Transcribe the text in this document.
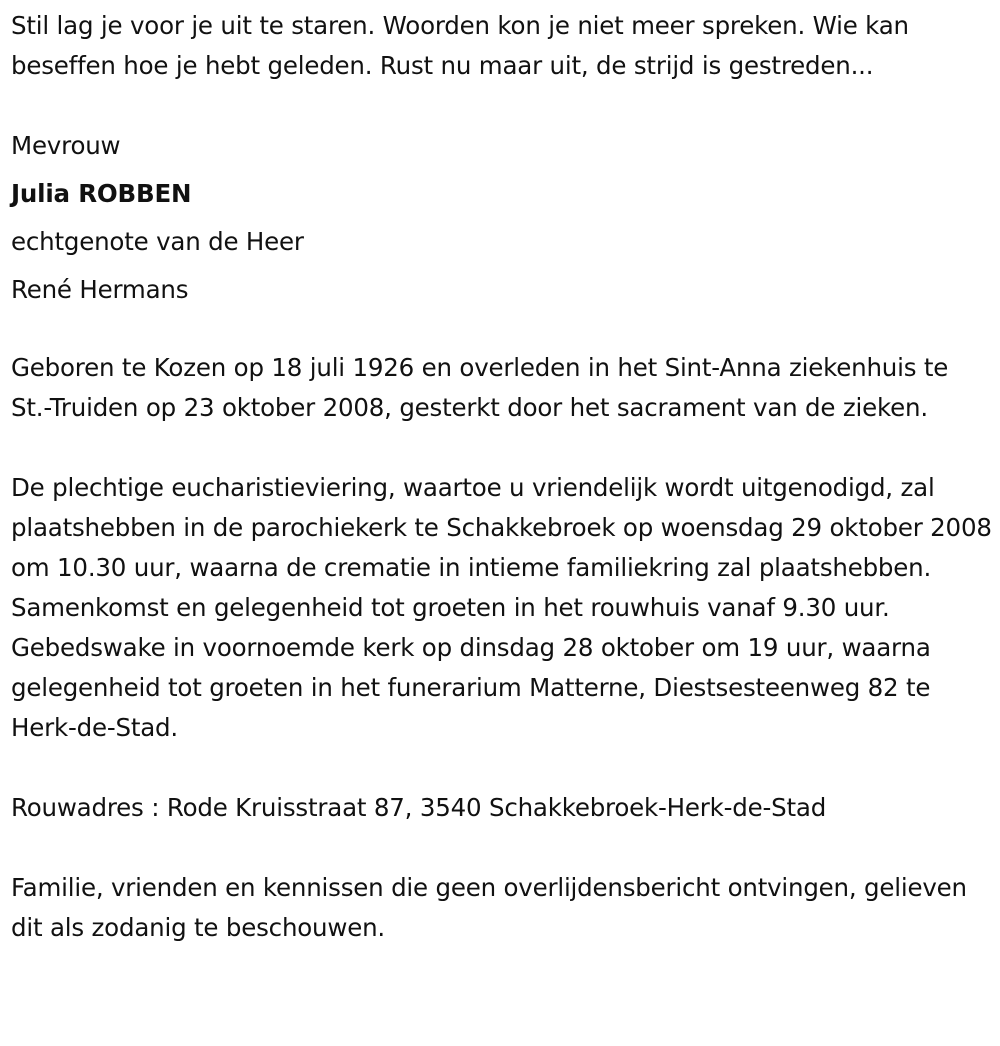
Stil lag je voor je uit te staren. Woorden kon je niet meer spreken. Wie kan beseffen hoe je hebt geleden. Rust nu maar uit, de strijd is gestreden...

Mevrouw

Julia ROBBEN

echtgenote van de Heer

René Hermans

Geboren te Kozen op 18 juli 1926 en overleden in het Sint-Anna ziekenhuis te St.-Truiden op 23 oktober 2008, gesterkt door het sacrament van de zieken.

De plechtige eucharistieviering, waartoe u vriendelijk wordt uitgenodigd, zal plaatshebben in de parochiekerk te Schakkebroek op woensdag 29 oktober 2008 om 10.30 uur, waarna de crematie in intieme familiekring zal plaatshebben. Samenkomst en gelegenheid tot groeten in het rouwhuis vanaf 9.30 uur. Gebedswake in voornoemde kerk op dinsdag 28 oktober om 19 uur, waarna gelegenheid tot groeten in het funerarium Matterne, Diestsesteenweg 82 te Herk-de-Stad.

Rouwadres : Rode Kruisstraat 87, 3540 Schakkebroek-Herk-de-Stad

Familie, vrienden en kennissen die geen overlijdensbericht ontvingen, gelieven dit als zodanig te beschouwen.
